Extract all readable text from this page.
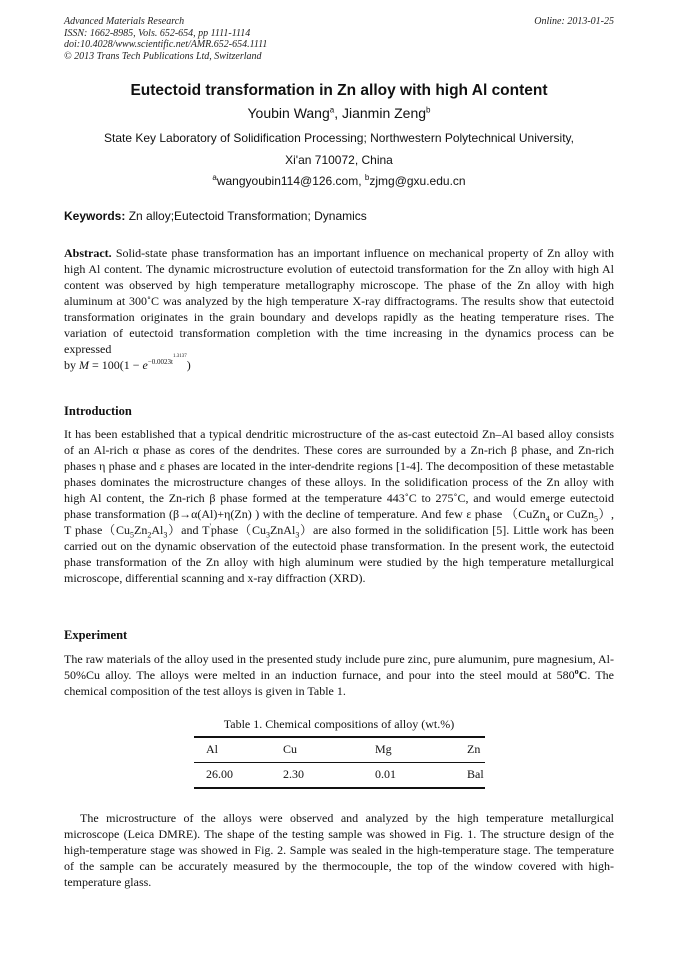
Advanced Materials Research
ISSN: 1662-8985, Vols. 652-654, pp 1111-1114
doi:10.4028/www.scientific.net/AMR.652-654.1111
© 2013 Trans Tech Publications Ltd, Switzerland
Online: 2013-01-25
Eutectoid transformation in Zn alloy with high Al content
Youbin Wang$^a$, Jianmin Zeng$^b$
State Key Laboratory of Solidification Processing; Northwestern Polytechnical University,
Xi'an 710072, China
$^a$wangyoubin114@126.com, $^b$zjmg@gxu.edu.cn
Keywords: Zn alloy;Eutectoid Transformation; Dynamics
Abstract. Solid-state phase transformation has an important influence on mechanical property of Zn alloy with high Al content. The dynamic microstructure evolution of eutectoid transformation for the Zn alloy with high Al content was observed by high temperature metallography microscope. The phase of the Zn alloy with high aluminum at 300˚C was analyzed by the high temperature X-ray diffractograms. The results show that eutectoid transformation originates in the grain boundary and develops rapidly as the heating temperature rises. The variation of eutectoid transformation completion with the time increasing in the dynamics process can be expressed
by $M = 100(1 - e^{-0.0023t1.3137})$
Introduction
It has been established that a typical dendritic microstructure of the as-cast eutectoid Zn–Al based alloy consists of an Al-rich α phase as cores of the dendrites. These cores are surrounded by a Zn-rich β phase, and Zn-rich phases η phase and ε phases are located in the inter-dendrite regions [1-4]. The decomposition of these metastable phases dominates the microstructure changes of these alloys. In the solidification process of the Zn alloy with high Al content, the Zn-rich β phase formed at the temperature 443˚C to 275˚C, and would emerge eutectoid phase transformation (β→α(Al)+η(Zn) ) with the decline of temperature. And few ε phase （CuZn$_4$ or CuZn$_5$）, T $phase(Cu_5Zn_2Al_3)and$ $T'phase(Cu_3ZnAl_3)are$ also formed in the solidification [5]. Little work has been carried out on the dynamic observation of the eutectoid phase transformation. In the present work, the eutectoid phase transformation of the Zn alloy with high aluminum were studied by the high temperature metallurgical microscope, differential scanning and x-ray diffraction (XRD).
Experiment
The raw materials of the alloy used in the presented study include pure zinc, pure alumunim, pure magnesium, Al-50%Cu alloy. The alloys were melted in an induction furnace, and pour into the steel mould at 580$^o$C. The chemical composition of the test alloys is given in Table 1.
Table 1. Chemical compositions of alloy (wt.%)
Al	Cu	Mg	Zn
26.00	2.30	0.01	Bal
The microstructure of the alloys were observed and analyzed by the high temperature metallurgical microscope (Leica DMRE). The shape of the testing sample was showed in Fig. 1. The structure design of the high-temperature stage was showed in Fig. 2. Sample was sealed in the high-temperature stage. The temperature of the sample can be accurately measured by the thermocouple, the top of the window covered with high-temperature glass.
